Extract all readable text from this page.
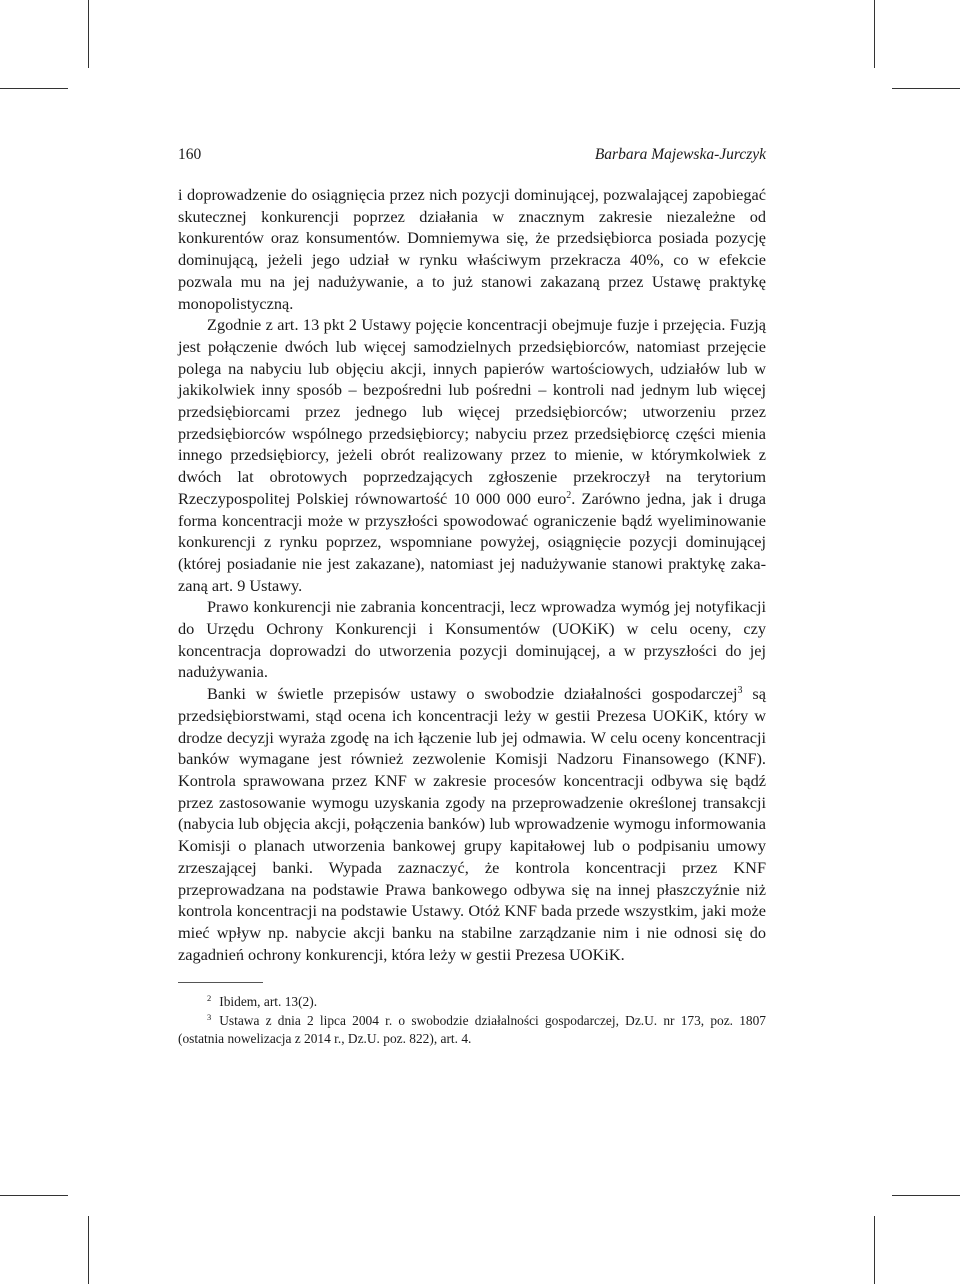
160	Barbara Majewska-Jurczyk

i doprowadzenie do osiągnięcia przez nich pozycji dominującej, pozwalającej zapobiegać skutecznej konkurencji poprzez działania w znacznym zakresie niezależne od konkurentów oraz konsumentów. Domniemywa się, że przedsiębiorca posiada pozycję dominującą, jeżeli jego udział w rynku właściwym przekracza 40%, co w efekcie pozwala mu na jej nadużywanie, a to już stanowi zakazaną przez Ustawę praktykę monopolistyczną.

Zgodnie z art. 13 pkt 2 Ustawy pojęcie koncentracji obejmuje fuzje i przejęcia. Fuzją jest połączenie dwóch lub więcej samodzielnych przedsiębiorców, natomiast przejęcie polega na nabyciu lub objęciu akcji, innych papierów wartościowych, udziałów lub w jakikolwiek inny sposób – bezpośredni lub pośredni – kontroli nad jednym lub więcej przedsiębiorcami przez jednego lub więcej przedsiębiorców; utworzeniu przez przedsiębiorców wspólnego przedsiębiorcy; nabyciu przez przedsiębiorcę części mienia innego przedsiębiorcy, jeżeli obrót realizowany przez to mienie, w którymkolwiek z dwóch lat obrotowych poprzedzających zgłoszenie przekroczył na terytorium Rzeczypospolitej Polskiej równowartość 10 000 000 euro$^2$. Zarówno jedna, jak i druga forma koncentracji może w przyszłości spowodować ograniczenie bądź wyeliminowanie konkurencji z rynku poprzez, wspomniane powyżej, osiągnięcie pozycji dominującej (której posiadanie nie jest zakazane), natomiast jej nadużywanie stanowi praktykę zakazaną art. 9 Ustawy.

Prawo konkurencji nie zabrania koncentracji, lecz wprowadza wymóg jej notyfikacji do Urzędu Ochrony Konkurencji i Konsumentów (UOKiK) w celu oceny, czy koncentracja doprowadzi do utworzenia pozycji dominującej, a w przyszłości do jej nadużywania.

Banki w świetle przepisów ustawy o swobodzie działalności gospodarczej$^3$ są przedsiębiorstwami, stąd ocena ich koncentracji leży w gestii Prezesa UOKiK, który w drodze decyzji wyraża zgodę na ich łączenie lub jej odmawia. W celu oceny koncentracji banków wymagane jest również zezwolenie Komisji Nadzoru Finansowego (KNF). Kontrola sprawowana przez KNF w zakresie procesów koncentracji odbywa się bądź przez zastosowanie wymogu uzyskania zgody na przeprowadzenie określonej transakcji (nabycia lub objęcia akcji, połączenia banków) lub wprowadzenie wymogu informowania Komisji o planach utworzenia bankowej grupy kapitałowej lub o podpisaniu umowy zrzeszającej banki. Wypada zaznaczyć, że kontrola koncentracji przez KNF przeprowadzana na podstawie Prawa bankowego odbywa się na innej płaszczyźnie niż kontrola koncentracji na podstawie Ustawy. Otóż KNF bada przede wszystkim, jaki może mieć wpływ np. nabycie akcji banku na stabilne zarządzanie nim i nie odnosi się do zagadnień ochrony konkurencji, która leży w gestii Prezesa UOKiK.

$^2$ Ibidem, art. 13(2).

$^3$ Ustawa z dnia 2 lipca 2004 r. o swobodzie działalności gospodarczej, Dz.U. nr 173, poz. 1807 (ostatnia nowelizacja z 2014 r., Dz.U. poz. 822), art. 4.
